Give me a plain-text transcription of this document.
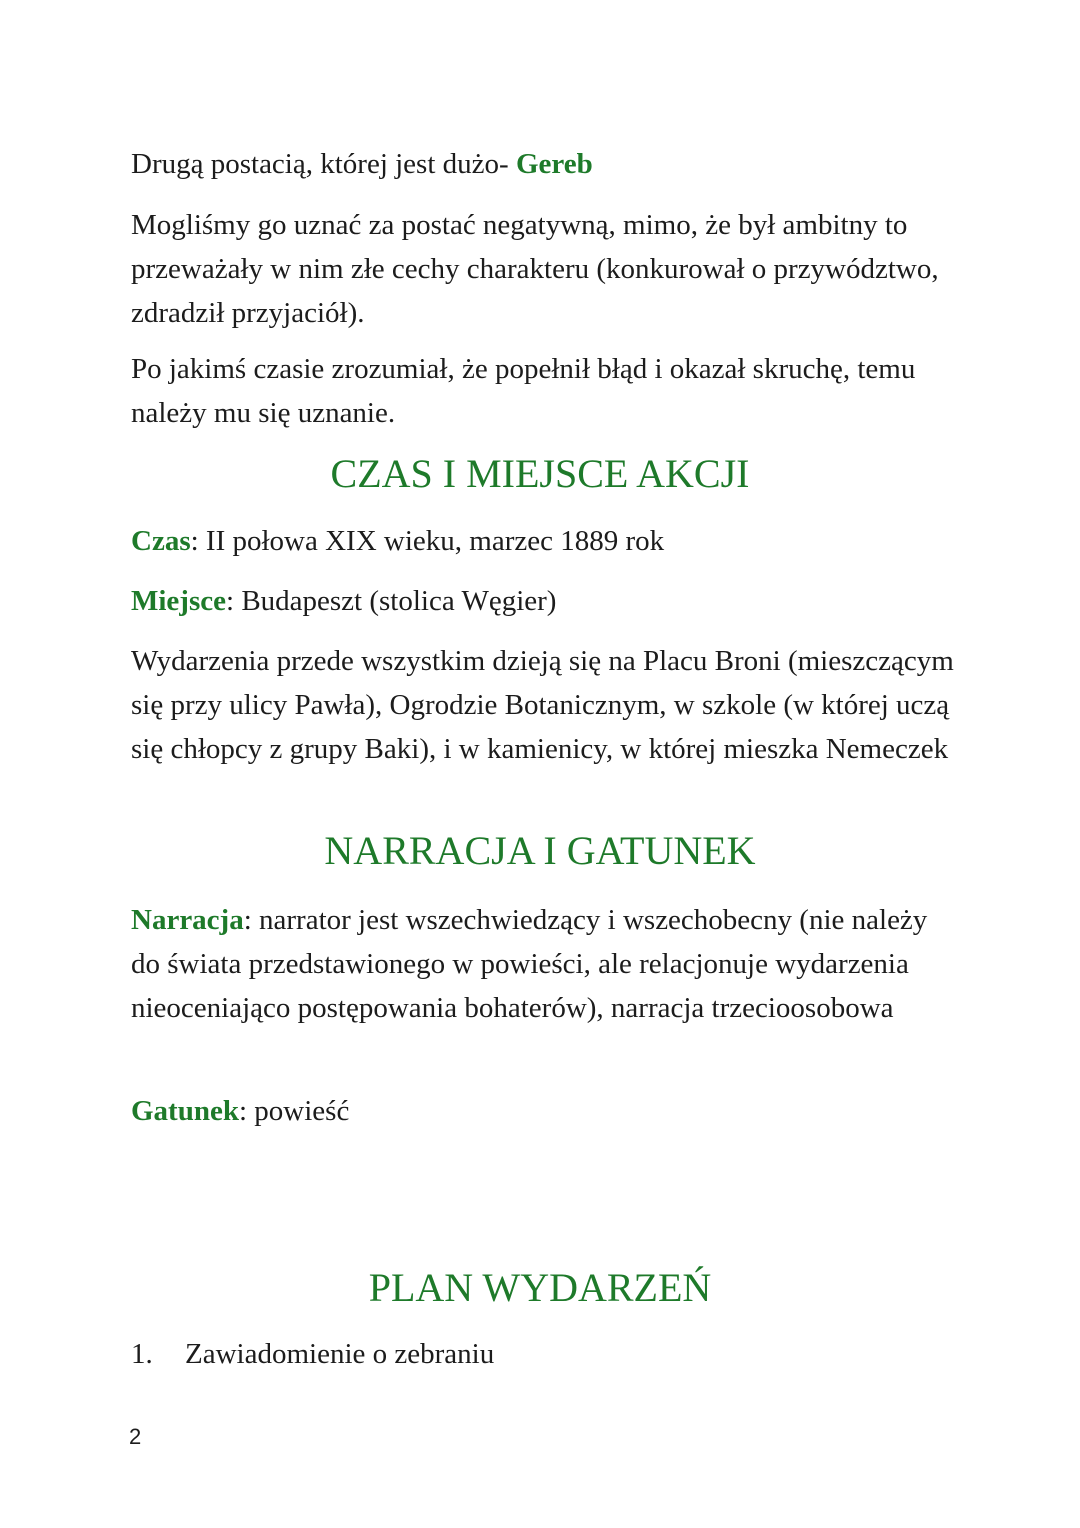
Drugą postacią, której jest dużo- Gereb

Mogliśmy go uznać za postać negatywną, mimo, że był ambitny to przeważały w nim złe cechy charakteru (konkurował o przywództwo, zdradził przyjaciół).

Po jakimś czasie zrozumiał, że popełnił błąd i okazał skruchę, temu należy mu się uznanie.

CZAS I MIEJSCE AKCJI

Czas: II połowa XIX wieku, marzec 1889 rok

Miejsce: Budapeszt (stolica Węgier)

Wydarzenia przede wszystkim dzieją się na Placu Broni (mieszczącym się przy ulicy Pawła), Ogrodzie Botanicznym, w szkole (w której uczą się chłopcy z grupy Baki), i w kamienicy, w której mieszka Nemeczek

NARRACJA I GATUNEK

Narracja: narrator jest wszechwiedzący i wszechobecny (nie należy do świata przedstawionego w powieści, ale relacjonuje wydarzenia nieoceniająco postępowania bohaterów), narracja trzecioosobowa

Gatunek: powieść

PLAN WYDARZEŃ
1. Zawiadomienie o zebraniu
2
